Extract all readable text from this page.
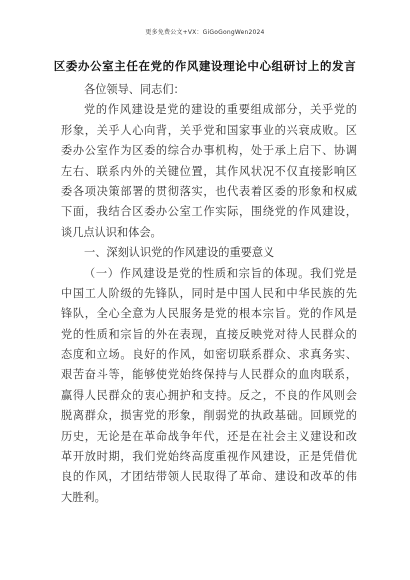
更多免费公文+VX：GiGoGongWen2024
区委办公室主任在党的作风建设理论中心组研讨上的发言

各位领导、同志们：

党的作风建设是党的建设的重要组成部分，关乎党的
形象，关乎人心向背，关乎党和国家事业的兴衰成败。区
委办公室作为区委的综合办事机构，处于承上启下、协调
左右、联系内外的关键位置，其作风状况不仅直接影响区
委各项决策部署的贯彻落实，也代表着区委的形象和权威
下面，我结合区委办公室工作实际，围绕党的作风建设，
谈几点认识和体会。

一、深刻认识党的作风建设的重要意义

（一）作风建设是党的性质和宗旨的体现。我们党是
中国工人阶级的先锋队，同时是中国人民和中华民族的先
锋队，全心全意为人民服务是党的根本宗旨。党的作风是
党的性质和宗旨的外在表现，直接反映党对待人民群众的
态度和立场。良好的作风，如密切联系群众、求真务实、
艰苦奋斗等，能够使党始终保持与人民群众的血肉联系，
赢得人民群众的衷心拥护和支持。反之，不良的作风则会
脱离群众，损害党的形象，削弱党的执政基础。回顾党的
历史，无论是在革命战争年代，还是在社会主义建设和改
革开放时期，我们党始终高度重视作风建设，正是凭借优
良的作风，才团结带领人民取得了革命、建设和改革的伟
大胜利。
